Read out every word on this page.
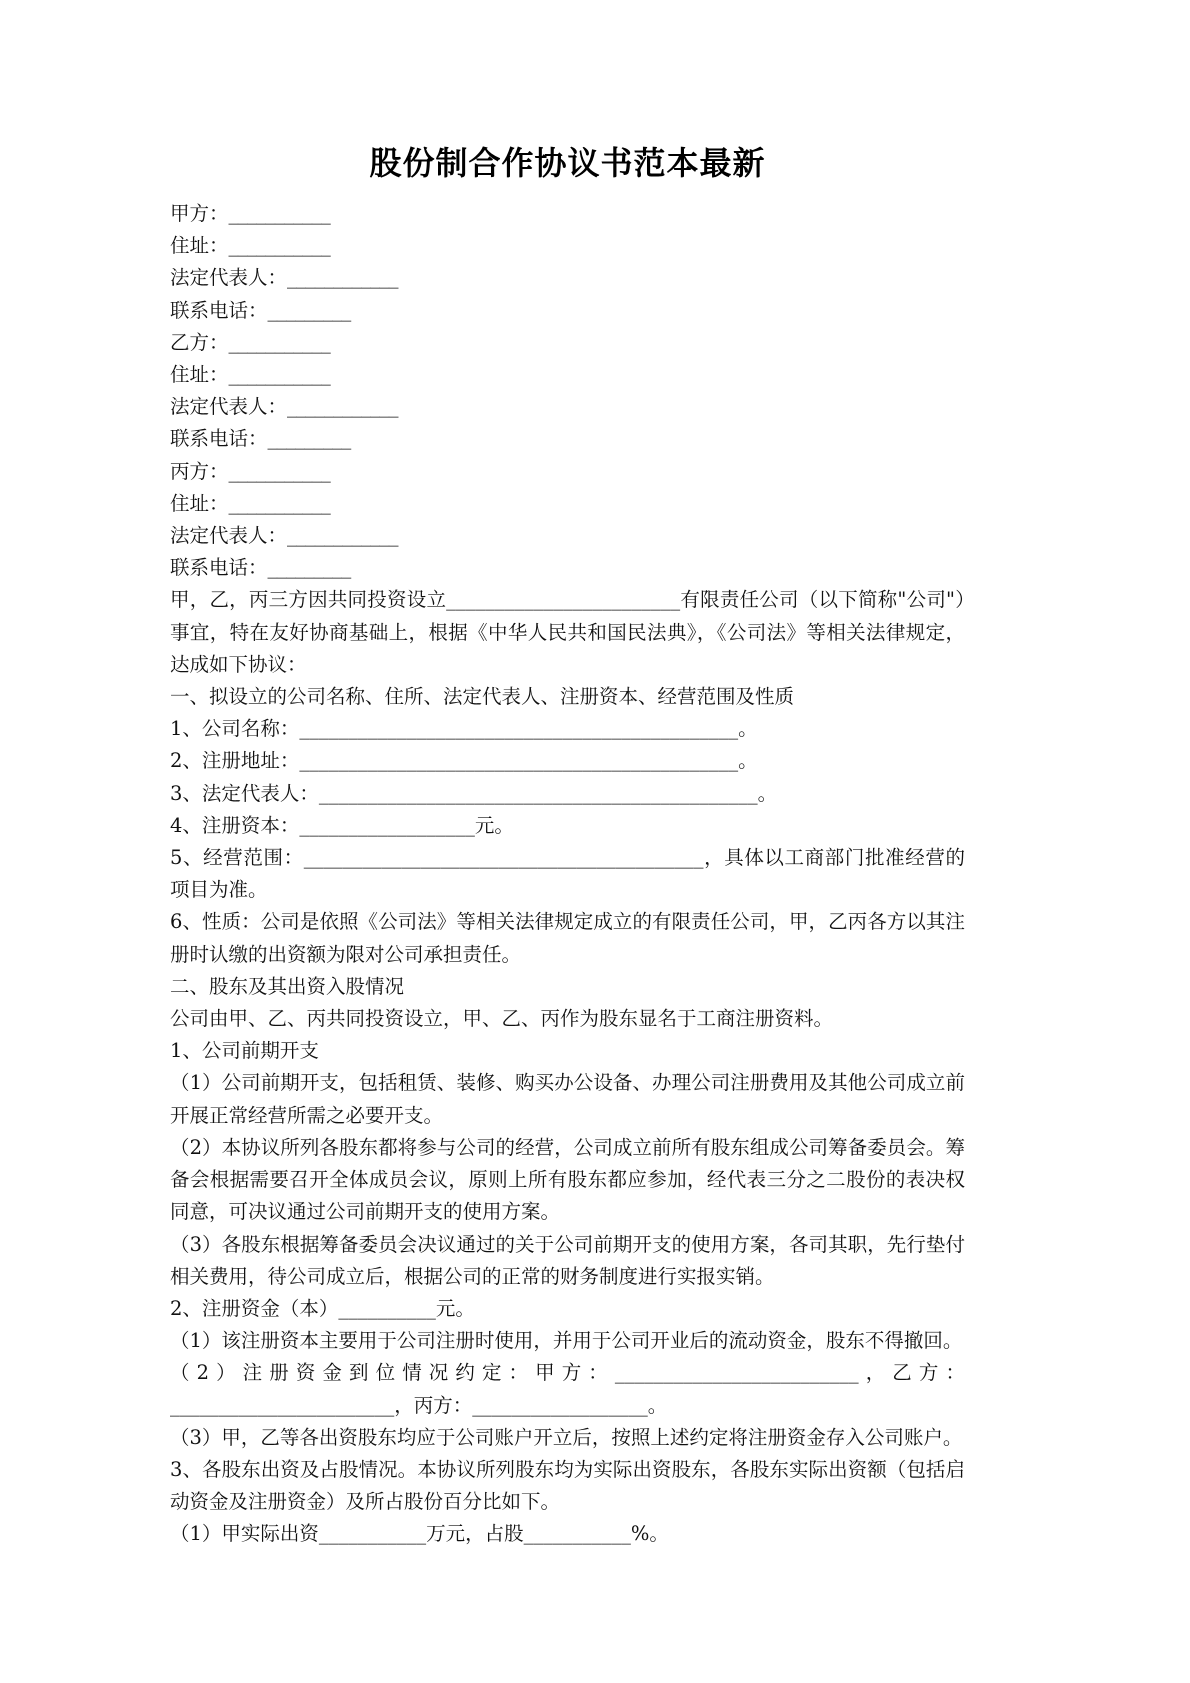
股份制合作协议书范本最新

甲方：___________

住址：___________

法定代表人：____________

联系电话：_________

乙方：___________

住址：___________

法定代表人：____________

联系电话：_________

丙方：___________

住址：___________

法定代表人：____________

联系电话：_________

甲，乙，丙三方因共同投资设立________________________有限责任公司（以下简称"公司"）事宜，特在友好协商基础上，根据《中华人民共和国民法典》，《公司法》等相关法律规定，达成如下协议：

一、拟设立的公司名称、住所、法定代表人、注册资本、经营范围及性质

1、公司名称：_____________________________________________。

2、注册地址：_____________________________________________。

3、法定代表人：_____________________________________________。

4、注册资本：__________________元。

5、经营范围：_________________________________________，具体以工商部门批准经营的项目为准。

6、性质：公司是依照《公司法》等相关法律规定成立的有限责任公司，甲，乙丙各方以其注册时认缴的出资额为限对公司承担责任。

二、股东及其出资入股情况

公司由甲、乙、丙共同投资设立，甲、乙、丙作为股东显名于工商注册资料。

1、公司前期开支

（1）公司前期开支，包括租赁、装修、购买办公设备、办理公司注册费用及其他公司成立前开展正常经营所需之必要开支。

（2）本协议所列各股东都将参与公司的经营，公司成立前所有股东组成公司筹备委员会。筹备会根据需要召开全体成员会议，原则上所有股东都应参加，经代表三分之二股份的表决权同意，可决议通过公司前期开支的使用方案。

（3）各股东根据筹备委员会决议通过的关于公司前期开支的使用方案，各司其职，先行垫付相关费用，待公司成立后，根据公司的正常的财务制度进行实报实销。

2、注册资金（本）__________元。

（1）该注册资本主要用于公司注册时使用，并用于公司开业后的流动资金，股东不得撤回。

（2）注册资金到位情况约定：甲方：_________________________，乙方：_______________________，丙方：__________________。

（3）甲，乙等各出资股东均应于公司账户开立后，按照上述约定将注册资金存入公司账户。

3、各股东出资及占股情况。本协议所列股东均为实际出资股东，各股东实际出资额（包括启动资金及注册资金）及所占股份百分比如下。

（1）甲实际出资___________万元，占股___________%。
